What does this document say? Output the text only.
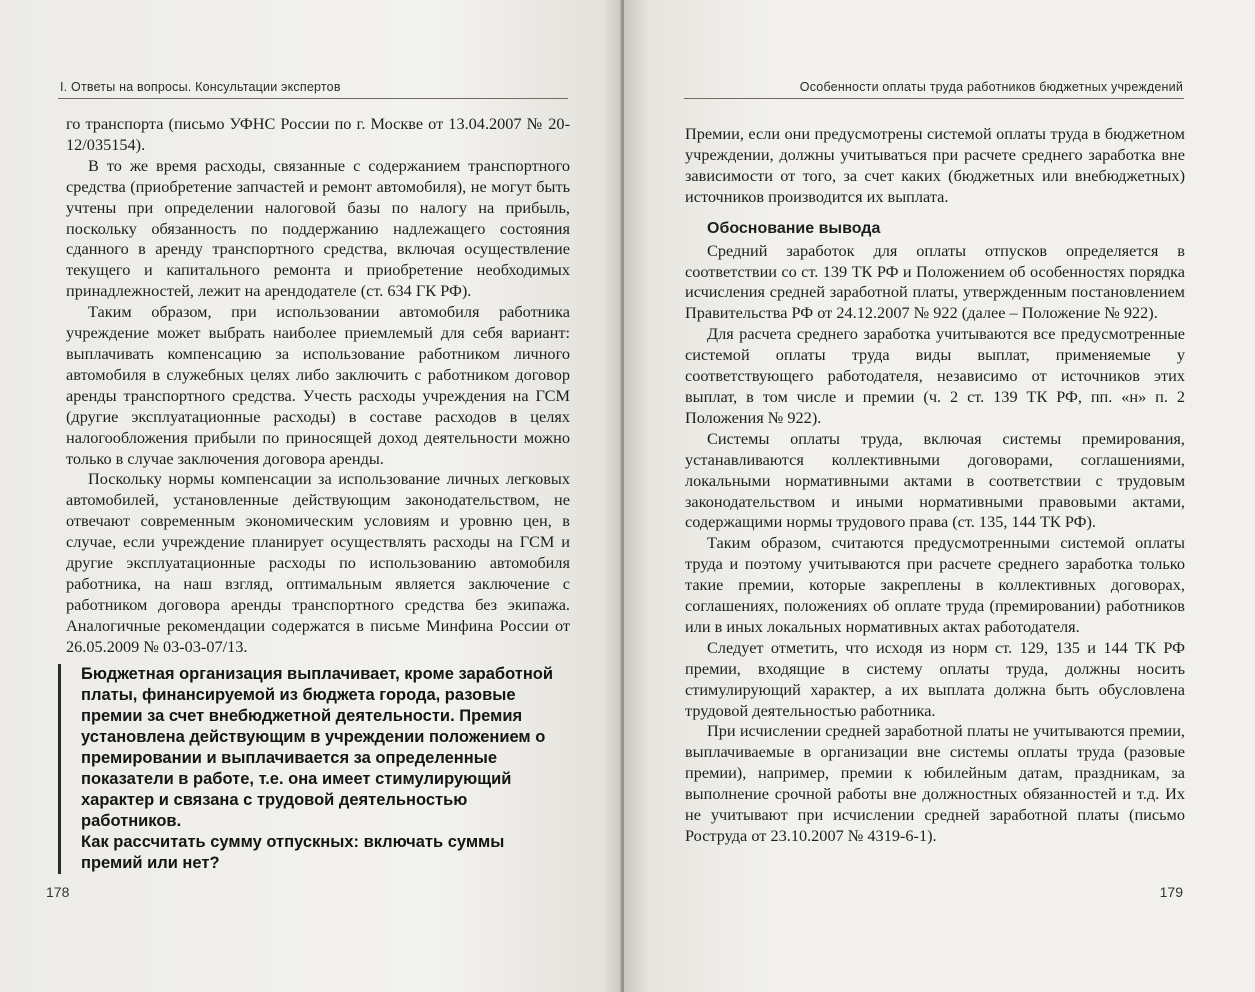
I. Ответы на вопросы. Консультации экспертов

го транспорта (письмо УФНС России по г. Москве от 13.04.2007 № 20-12/035154).

В то же время расходы, связанные с содержанием транспортного средства (приобретение запчастей и ремонт автомобиля), не могут быть учтены при определении налоговой базы по налогу на прибыль, поскольку обязанность по поддержанию надлежащего состояния сданного в аренду транспортного средства, включая осуществление текущего и капитального ремонта и приобретение необходимых принадлежностей, лежит на арендодателе (ст. 634 ГК РФ).

Таким образом, при использовании автомобиля работника учреждение может выбрать наиболее приемлемый для себя вариант: выплачивать компенсацию за использование работником личного автомобиля в служебных целях либо заключить с работником договор аренды транспортного средства. Учесть расходы учреждения на ГСМ (другие эксплуатационные расходы) в составе расходов в целях налогообложения прибыли по приносящей доход деятельности можно только в случае заключения договора аренды.

Поскольку нормы компенсации за использование личных легковых автомобилей, установленные действующим законодательством, не отвечают современным экономическим условиям и уровню цен, в случае, если учреждение планирует осуществлять расходы на ГСМ и другие эксплуатационные расходы по использованию автомобиля работника, на наш взгляд, оптимальным является заключение с работником договора аренды транспортного средства без экипажа. Аналогичные рекомендации содержатся в письме Минфина России от 26.05.2009 № 03-03-07/13.

Бюджетная организация выплачивает, кроме заработной платы, финансируемой из бюджета города, разовые премии за счет внебюджетной деятельности. Премия установлена действующим в учреждении положением о премировании и выплачивается за определенные показатели в работе, т.е. она имеет стимулирующий характер и связана с трудовой деятельностью работников.

Как рассчитать сумму отпускных: включать суммы премий или нет?

178
Особенности оплаты труда работников бюджетных учреждений

Премии, если они предусмотрены системой оплаты труда в бюджетном учреждении, должны учитываться при расчете среднего заработка вне зависимости от того, за счет каких (бюджетных или внебюджетных) источников производится их выплата.

Обоснование вывода

Средний заработок для оплаты отпусков определяется в соответствии со ст. 139 ТК РФ и Положением об особенностях порядка исчисления средней заработной платы, утвержденным постановлением Правительства РФ от 24.12.2007 № 922 (далее – Положение № 922).

Для расчета среднего заработка учитываются все предусмотренные системой оплаты труда виды выплат, применяемые у соответствующего работодателя, независимо от источников этих выплат, в том числе и премии (ч. 2 ст. 139 ТК РФ, пп. «н» п. 2 Положения № 922).

Системы оплаты труда, включая системы премирования, устанавливаются коллективными договорами, соглашениями, локальными нормативными актами в соответствии с трудовым законодательством и иными нормативными правовыми актами, содержащими нормы трудового права (ст. 135, 144 ТК РФ).

Таким образом, считаются предусмотренными системой оплаты труда и поэтому учитываются при расчете среднего заработка только такие премии, которые закреплены в коллективных договорах, соглашениях, положениях об оплате труда (премировании) работников или в иных локальных нормативных актах работодателя.

Следует отметить, что исходя из норм ст. 129, 135 и 144 ТК РФ премии, входящие в систему оплаты труда, должны носить стимулирующий характер, а их выплата должна быть обусловлена трудовой деятельностью работника.

При исчислении средней заработной платы не учитываются премии, выплачиваемые в организации вне системы оплаты труда (разовые премии), например, премии к юбилейным датам, праздникам, за выполнение срочной работы вне должностных обязанностей и т.д. Их не учитывают при исчислении средней заработной платы (письмо Роструда от 23.10.2007 № 4319-6-1).

179
